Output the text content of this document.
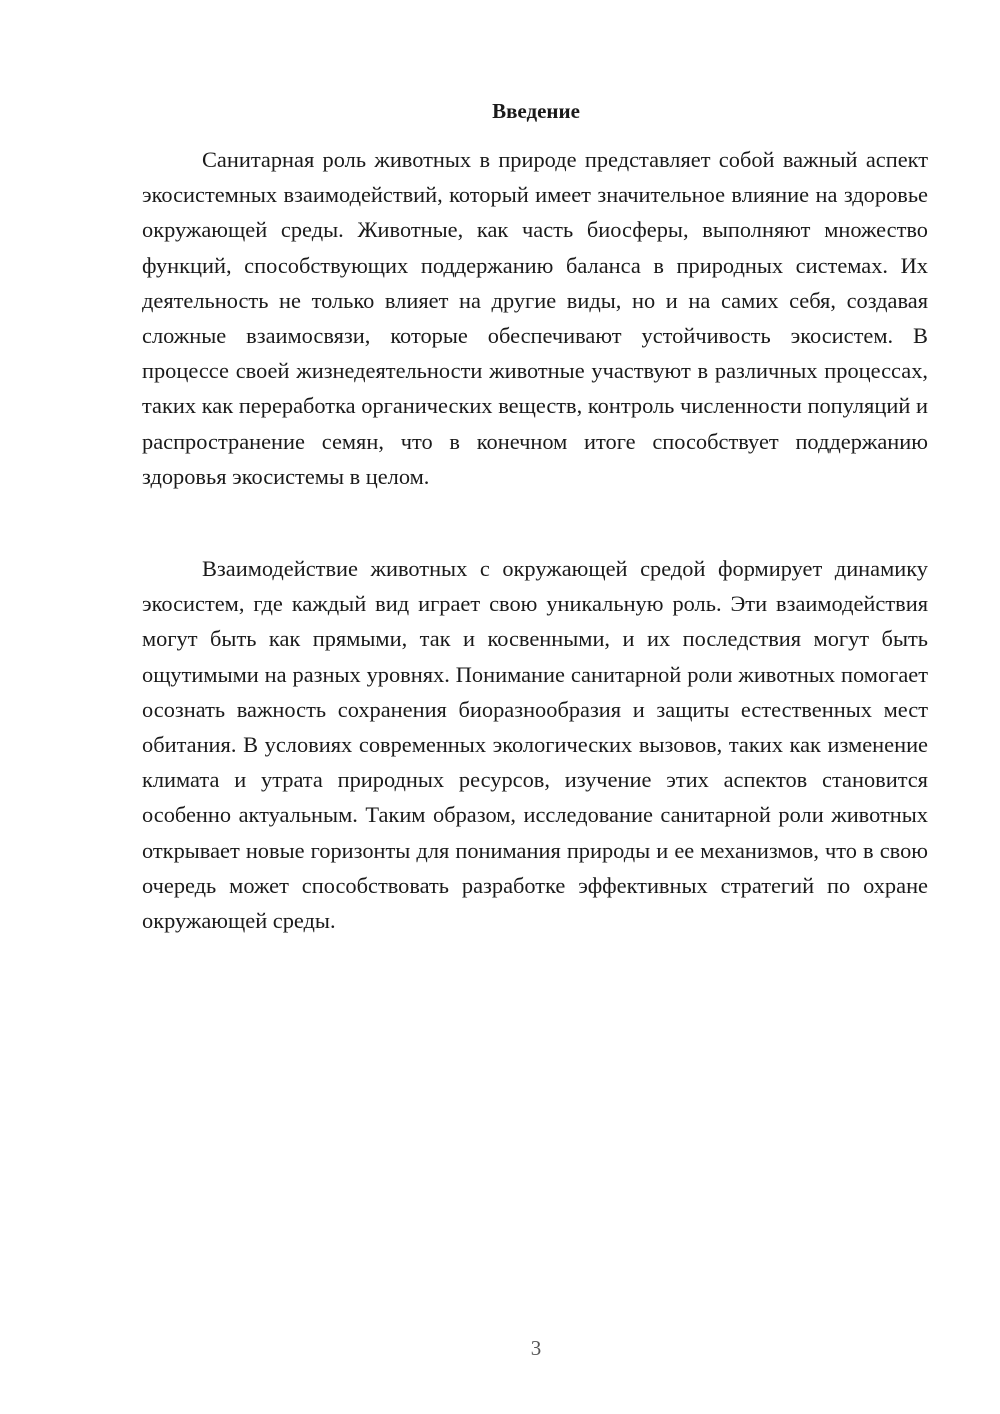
Введение

Санитарная роль животных в природе представляет собой важный аспект экосистемных взаимодействий, который имеет значительное влияние на здоровье окружающей среды. Животные, как часть биосферы, выполняют множество функций, способствующих поддержанию баланса в природных системах. Их деятельность не только влияет на другие виды, но и на самих себя, создавая сложные взаимосвязи, которые обеспечивают устойчивость экосистем. В процессе своей жизнедеятельности животные участвуют в различных процессах, таких как переработка органических веществ, контроль численности популяций и распространение семян, что в конечном итоге способствует поддержанию здоровья экосистемы в целом.

Взаимодействие животных с окружающей средой формирует динамику экосистем, где каждый вид играет свою уникальную роль. Эти взаимодействия могут быть как прямыми, так и косвенными, и их последствия могут быть ощутимыми на разных уровнях. Понимание санитарной роли животных помогает осознать важность сохранения биоразнообразия и защиты естественных мест обитания. В условиях современных экологических вызовов, таких как изменение климата и утрата природных ресурсов, изучение этих аспектов становится особенно актуальным. Таким образом, исследование санитарной роли животных открывает новые горизонты для понимания природы и ее механизмов, что в свою очередь может способствовать разработке эффективных стратегий по охране окружающей среды.

3
